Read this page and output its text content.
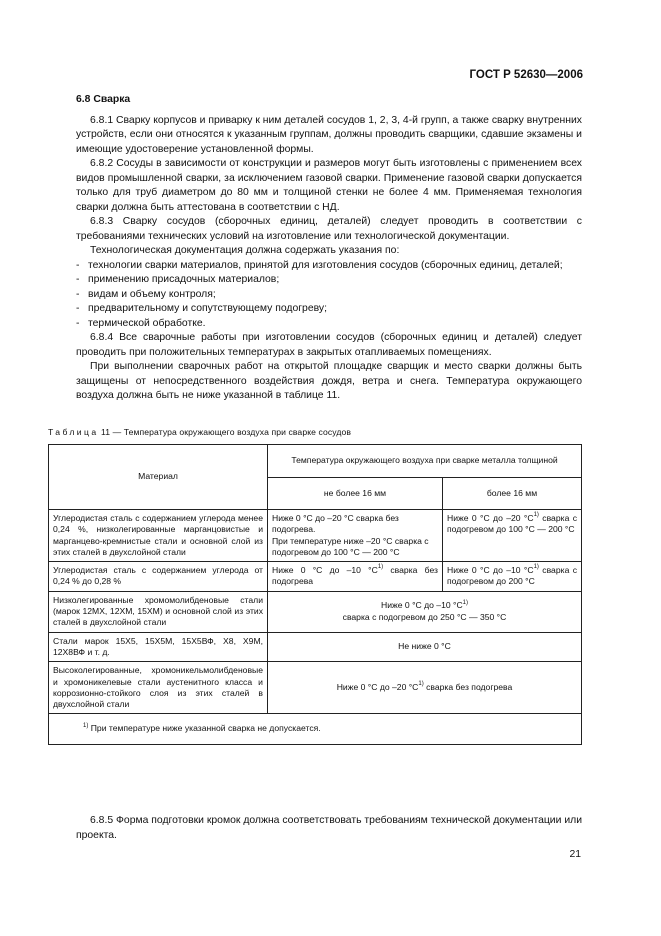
ГОСТ Р 52630—2006
6.8 Сварка

6.8.1 Сварку корпусов и приварку к ним деталей сосудов 1, 2, 3, 4-й групп, а также сварку внутренних устройств, если они относятся к указанным группам, должны проводить сварщики, сдавшие экзамены и имеющие удостоверение установленной формы.

6.8.2 Сосуды в зависимости от конструкции и размеров могут быть изготовлены с применением всех видов промышленной сварки, за исключением газовой сварки. Применение газовой сварки допускается только для труб диаметром до 80 мм и толщиной стенки не более 4 мм. Применяемая технология сварки должна быть аттестована в соответствии с НД.

6.8.3 Сварку сосудов (сборочных единиц, деталей) следует проводить в соответствии с требованиями технических условий на изготовление или технологической документации.

Технологическая документация должна содержать указания по:

- технологии сварки материалов, принятой для изготовления сосудов (сборочных единиц, деталей;

- применению присадочных материалов;

- видам и объему контроля;

- предварительному и сопутствующему подогреву;

- термической обработке.

6.8.4 Все сварочные работы при изготовлении сосудов (сборочных единиц и деталей) следует проводить при положительных температурах в закрытых отапливаемых помещениях.

При выполнении сварочных работ на открытой площадке сварщик и место сварки должны быть защищены от непосредственного воздействия дождя, ветра и снега. Температура окружающего воздуха должна быть не ниже указанной в таблице 11.

Таблица 11 — Температура окружающего воздуха при сварке сосудов
Материал	Температура окружающего воздуха при сварке металла толщиной	
	не более 16 мм	более 16 мм
Углеродистая сталь с содержанием углерода менее 0,24 %, низколегированные марганцовистые и марганцево-кремнистые стали и основной слой из этих сталей в двухслойной стали	Ниже 0 °С до –20 °С сварка без подогрева.
При температуре ниже –20 °С сварка с подогревом до 100 °С — 200 °С	Ниже 0 °С до –20 $^\circ С^{1)}$ сварка с подогревом до 100 °С — 200 °С
Углеродистая сталь с содержанием углерода от 0,24 % до 0,28 %	Ниже 0 °С до –10 $^\circ С^{1)}$ сварка без подогрева	Ниже 0 °С до –10 $^\circ С^{1)}$ сварка с подогревом до 200 °С
Низколегированные хромомолибденовые стали (марок 12МХ, 12ХМ, 15ХМ) и основной слой из этих сталей в двухслойной стали	Ниже 0 °С до –10 $^\circ С^{1)}$
сварка с подогревом до 250 °С — 350 °С	
Стали марок 15Х5, 15Х5М, 15Х5ВФ, Х8, Х9М, 12Х8ВФ и т. д.	Не ниже 0 °С	
Высоколегированные, хромоникельмолибденовые и хромоникелевые стали аустенитного класса и коррозионно-стойкого слоя из этих сталей в двухслойной стали	Ниже 0 °С до –20 $^\circ С^{1)}$ сварка без подогрева	
$^{1)}$ При температуре ниже указанной сварка не допускается.		

6.8.5 Форма подготовки кромок должна соответствовать требованиям технической документации или проекта.

21
